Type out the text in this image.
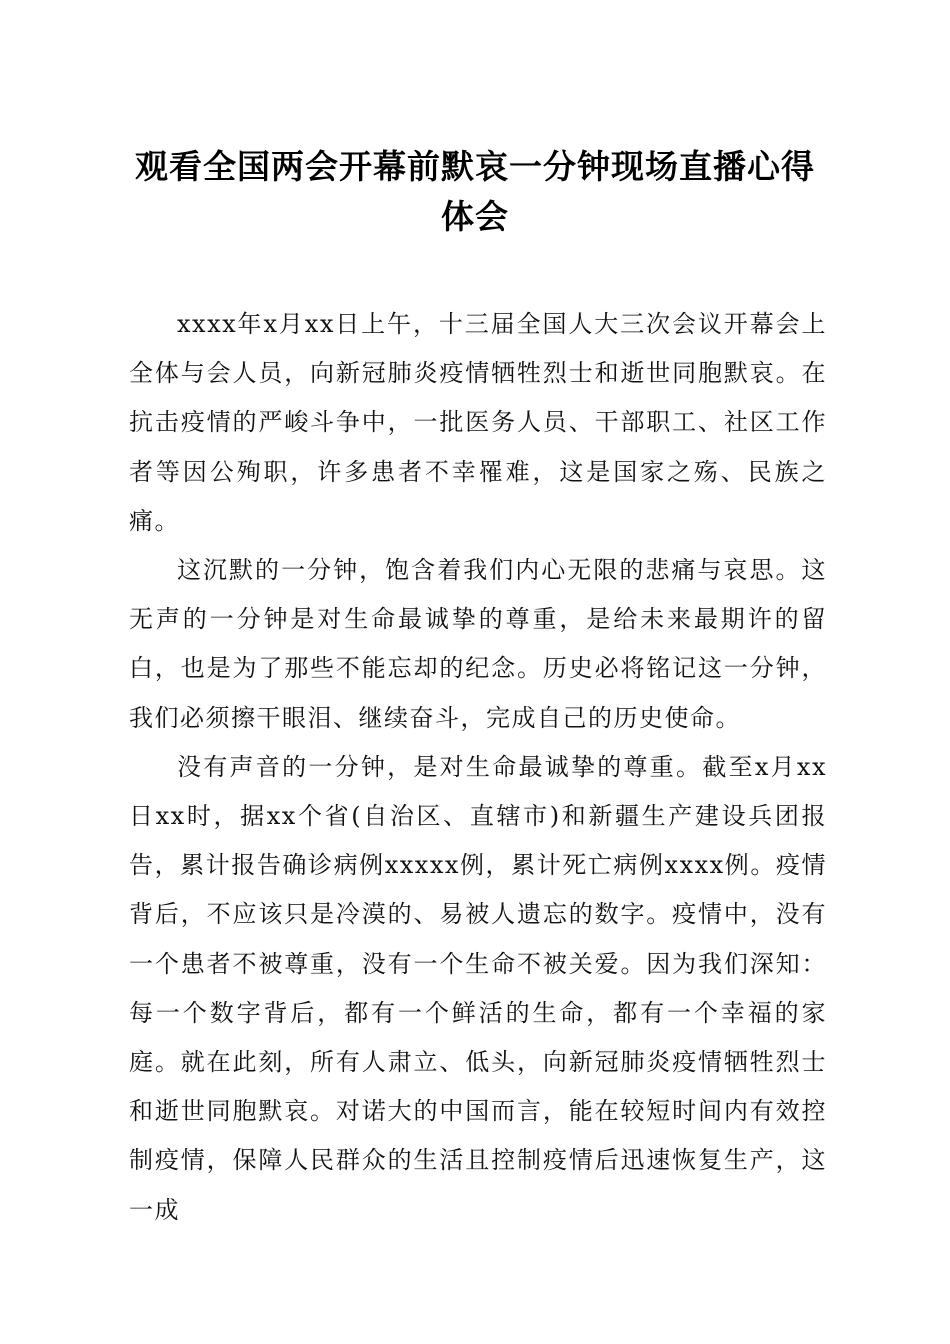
观看全国两会开幕前默哀一分钟现场直播心得体会

xxxx年x月xx日上午，十三届全国人大三次会议开幕会上全体与会人员，向新冠肺炎疫情牺牲烈士和逝世同胞默哀。在抗击疫情的严峻斗争中，一批医务人员、干部职工、社区工作者等因公殉职，许多患者不幸罹难，这是国家之殇、民族之痛。

这沉默的一分钟，饱含着我们内心无限的悲痛与哀思。这无声的一分钟是对生命最诚挚的尊重，是给未来最期许的留白，也是为了那些不能忘却的纪念。历史必将铭记这一分钟，我们必须擦干眼泪、继续奋斗，完成自己的历史使命。

没有声音的一分钟，是对生命最诚挚的尊重。截至x月xx日xx时，据xx个省(自治区、直辖市)和新疆生产建设兵团报告，累计报告确诊病例xxxxx例，累计死亡病例xxxx例。疫情背后，不应该只是冷漠的、易被人遗忘的数字。疫情中，没有一个患者不被尊重，没有一个生命不被关爱。因为我们深知：每一个数字背后，都有一个鲜活的生命，都有一个幸福的家庭。就在此刻，所有人肃立、低头，向新冠肺炎疫情牺牲烈士和逝世同胞默哀。对诺大的中国而言，能在较短时间内有效控制疫情，保障人民群众的生活且控制疫情后迅速恢复生产，这一成
